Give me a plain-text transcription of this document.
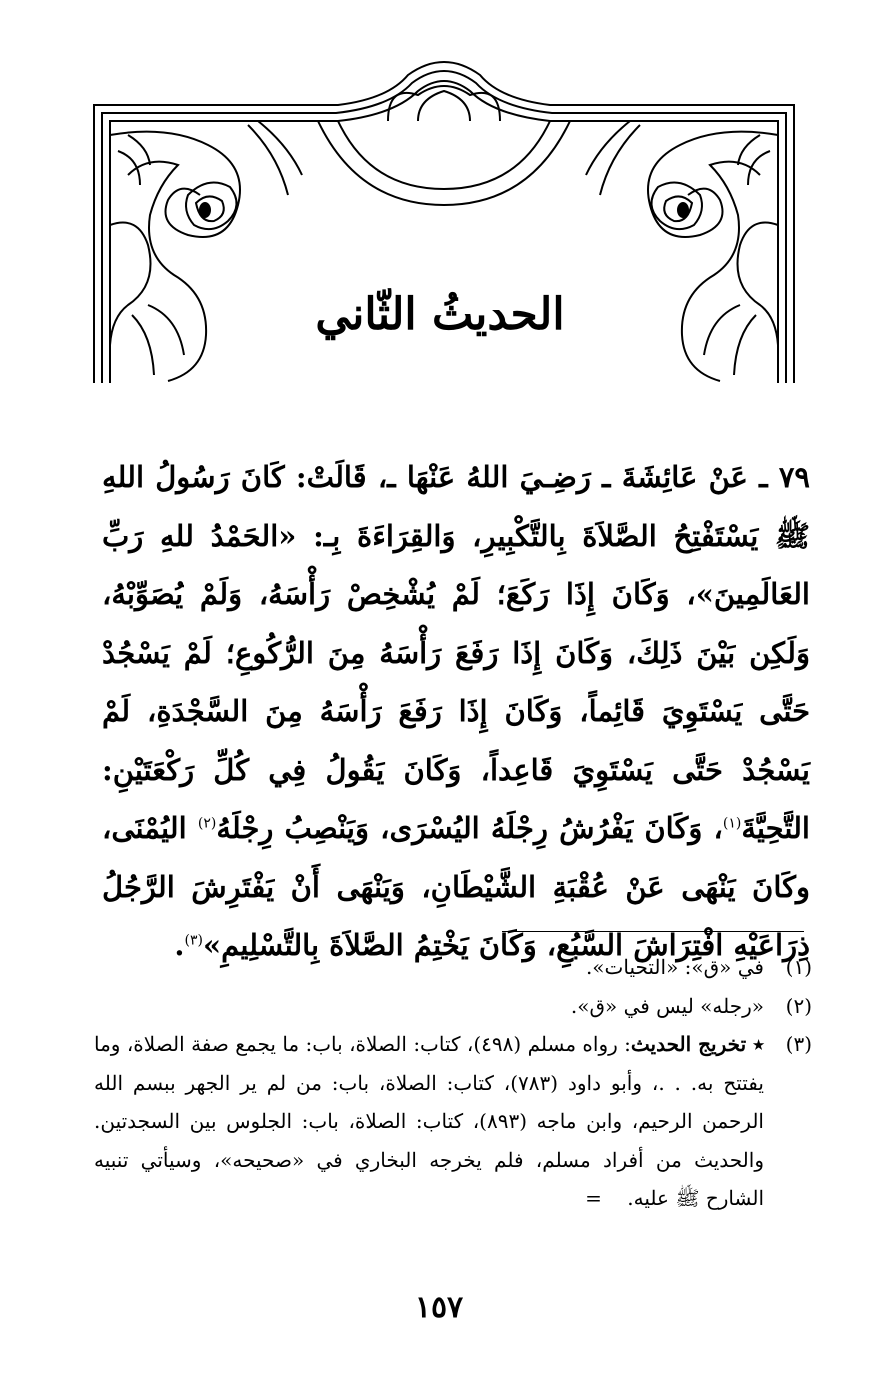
الحديثُ الثّاني

٧٩ ـ عَنْ عَائِشَةَ ـ رَضِـيَ اللهُ عَنْهَا ـ، قَالَتْ: كَانَ رَسُولُ اللهِ ﷺ يَسْتَفْتِحُ الصَّلاَةَ بِالتَّكْبِيرِ، وَالقِرَاءَةَ بِـ: «الحَمْدُ للهِ رَبِّ العَالَمِينَ»، وَكَانَ إِذَا رَكَعَ؛ لَمْ يُشْخِصْ رَأْسَهُ، وَلَمْ يُصَوِّبْهُ، وَلَكِن بَيْنَ ذَلِكَ، وَكَانَ إِذَا رَفَعَ رَأْسَهُ مِنَ الرُّكُوعِ؛ لَمْ يَسْجُدْ حَتَّى يَسْتَوِيَ قَائِماً، وَكَانَ إِذَا رَفَعَ رَأْسَهُ مِنَ السَّجْدَةِ، لَمْ يَسْجُدْ حَتَّى يَسْتَوِيَ قَاعِداً، وَكَانَ يَقُولُ فِي كُلِّ رَكْعَتَيْنِ: التَّحِيَّةَ$^{(١)}$، وَكَانَ يَفْرُشُ رِجْلَهُ اليُسْرَى، وَيَنْصِبُ رِجْلَهُ$^{(٢)}$ اليُمْنَى، وكَانَ يَنْهَى عَنْ عُقْبَةِ الشَّيْطَانِ، وَيَنْهَى أَنْ يَفْتَرِشَ الرَّجُلُ ذِرَاعَيْهِ افْتِرَاشَ السَّبُعِ، وَكَانَ يَخْتِمُ الصَّلاَةَ بِالتَّسْلِيمِ»$^{(٣)}$.

(١)
في «ق»: «التحيات».
(٢)
«رجله» ليس في «ق».
(٣)
٭ تخريج الحديث: رواه مسلم (٤٩٨)، كتاب: الصلاة، باب: ما يجمع صفة الصلاة، وما يفتتح به. . .، وأبو داود (٧٨٣)، كتاب: الصلاة، باب: من لم ير الجهر ببسم الله الرحمن الرحيم، وابن ماجه (٨٩٣)، كتاب: الصلاة، باب: الجلوس بين السجدتين. والحديث من أفراد مسلم، فلم يخرجه البخاري في «صحيحه»، وسيأتي تنبيه الشارح ﷺ عليه.    =
١٥٧
